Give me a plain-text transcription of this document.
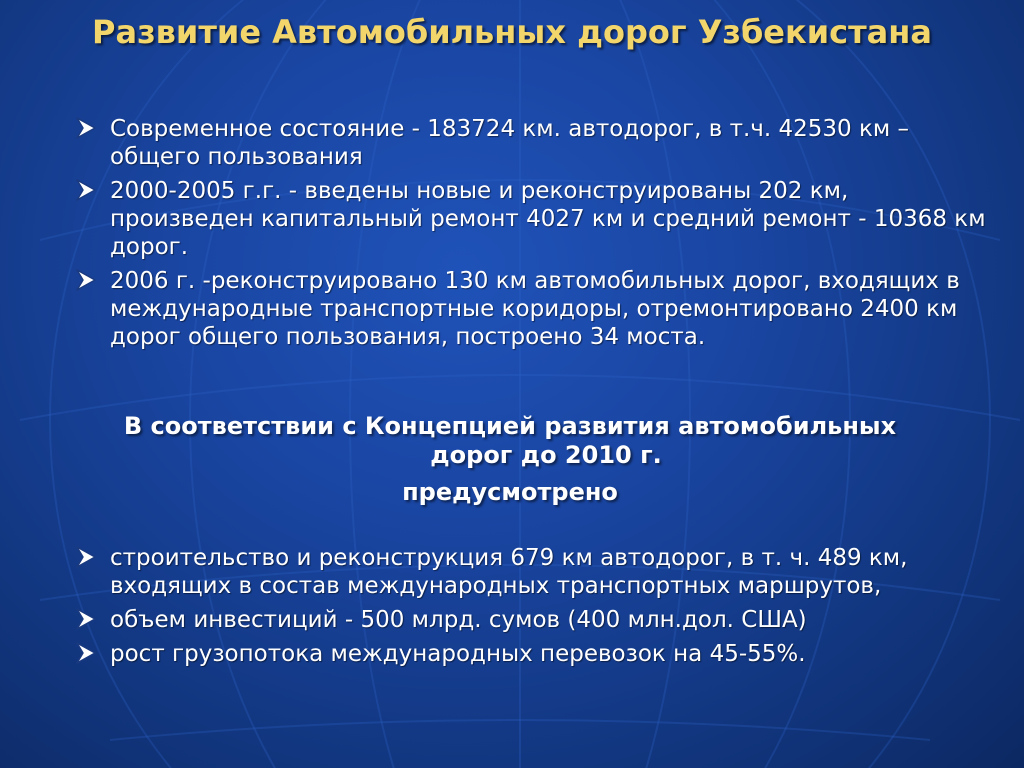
Развитие Автомобильных дорог Узбекистана
Современное состояние - 183724 км. автодорог, в т.ч. 42530 км –общего пользования
2000-2005 г.г. - введены новые и реконструированы 202 км, произведен капитальный ремонт 4027 км и средний ремонт - 10368 км дорог.
2006 г. -реконструировано 130 км автомобильных дорог, входящих в международные транспортные коридоры, отремонтировано 2400 км дорог общего пользования, построено 34 моста.
В соответствии с Концепцией развития автомобильных дорог до 2010 г.
предусмотрено
строительство и реконструкция 679 км автодорог, в т. ч. 489 км, входящих в состав международных транспортных маршрутов,
объем инвестиций - 500 млрд. сумов (400 млн.дол. США)
рост грузопотока международных перевозок на 45-55%.
